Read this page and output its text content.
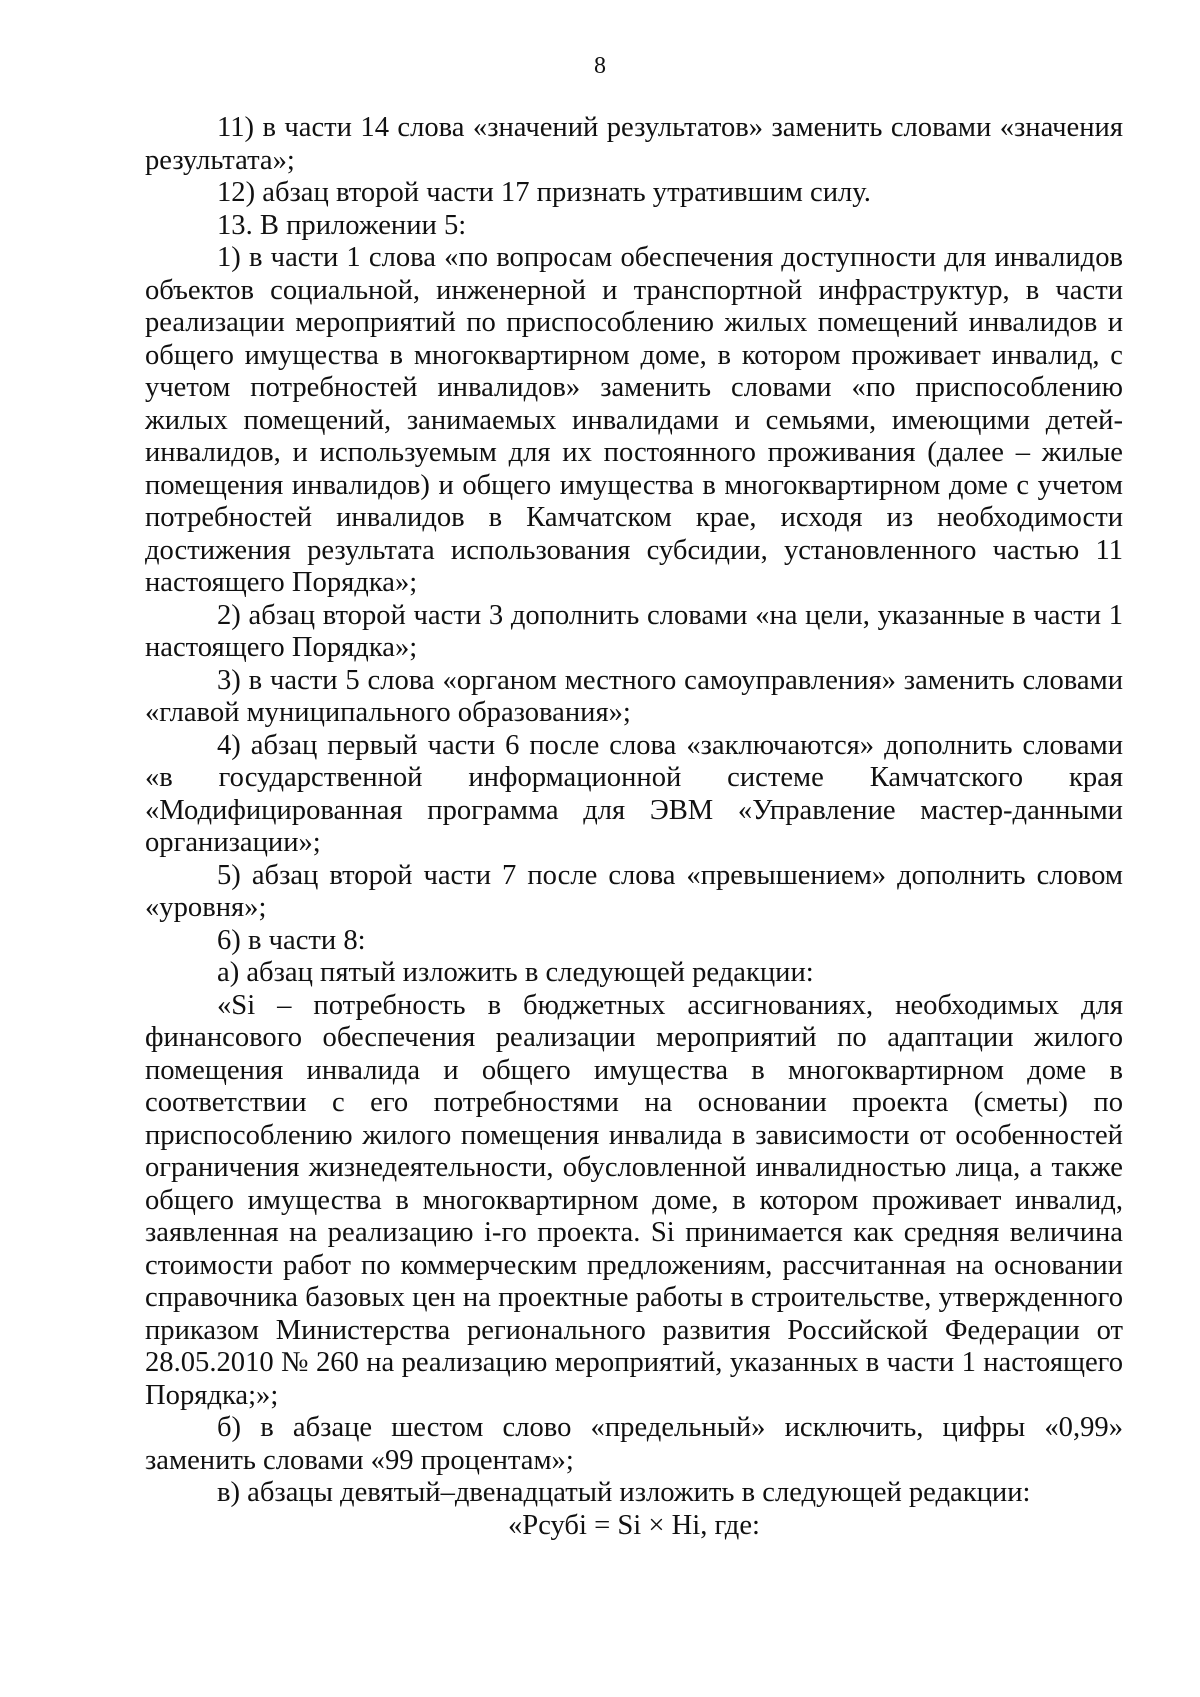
8

11) в части 14 слова «значений результатов» заменить словами «значения результата»;

12) абзац второй части 17 признать утратившим силу.

13. В приложении 5:

1) в части 1 слова «по вопросам обеспечения доступности для инвалидов объектов социальной, инженерной и транспортной инфраструктур, в части реализации мероприятий по приспособлению жилых помещений инвалидов и общего имущества в многоквартирном доме, в котором проживает инвалид, с учетом потребностей инвалидов» заменить словами «по приспособлению жилых помещений, занимаемых инвалидами и семьями, имеющими детей-инвалидов, и используемым для их постоянного проживания (далее – жилые помещения инвалидов) и общего имущества в многоквартирном доме с учетом потребностей инвалидов в Камчатском крае, исходя из необходимости достижения результата использования субсидии, установленного частью 11 настоящего Порядка»;

2) абзац второй части 3 дополнить словами «на цели, указанные в части 1 настоящего Порядка»;

3) в части 5 слова «органом местного самоуправления» заменить словами «главой муниципального образования»;

4) абзац первый части 6 после слова «заключаются» дополнить словами «в государственной информационной системе Камчатского края «Модифицированная программа для ЭВМ «Управление мастер-данными организации»;

5) абзац второй части 7 после слова «превышением» дополнить словом «уровня»;

6) в части 8:

а) абзац пятый изложить в следующей редакции:

«Si – потребность в бюджетных ассигнованиях, необходимых для финансового обеспечения реализации мероприятий по адаптации жилого помещения инвалида и общего имущества в многоквартирном доме в соответствии с его потребностями на основании проекта (сметы) по приспособлению жилого помещения инвалида в зависимости от особенностей ограничения жизнедеятельности, обусловленной инвалидностью лица, а также общего имущества в многоквартирном доме, в котором проживает инвалид, заявленная на реализацию i-го проекта. Si принимается как средняя величина стоимости работ по коммерческим предложениям, рассчитанная на основании справочника базовых цен на проектные работы в строительстве, утвержденного приказом Министерства регионального развития Российской Федерации от 28.05.2010 № 260 на реализацию мероприятий, указанных в части 1 настоящего Порядка;»;

б) в абзаце шестом слово «предельный» исключить, цифры «0,99» заменить словами «99 процентам»;

в) абзацы девятый–двенадцатый изложить в следующей редакции:

«Рсубi = Si × Hi, где:
